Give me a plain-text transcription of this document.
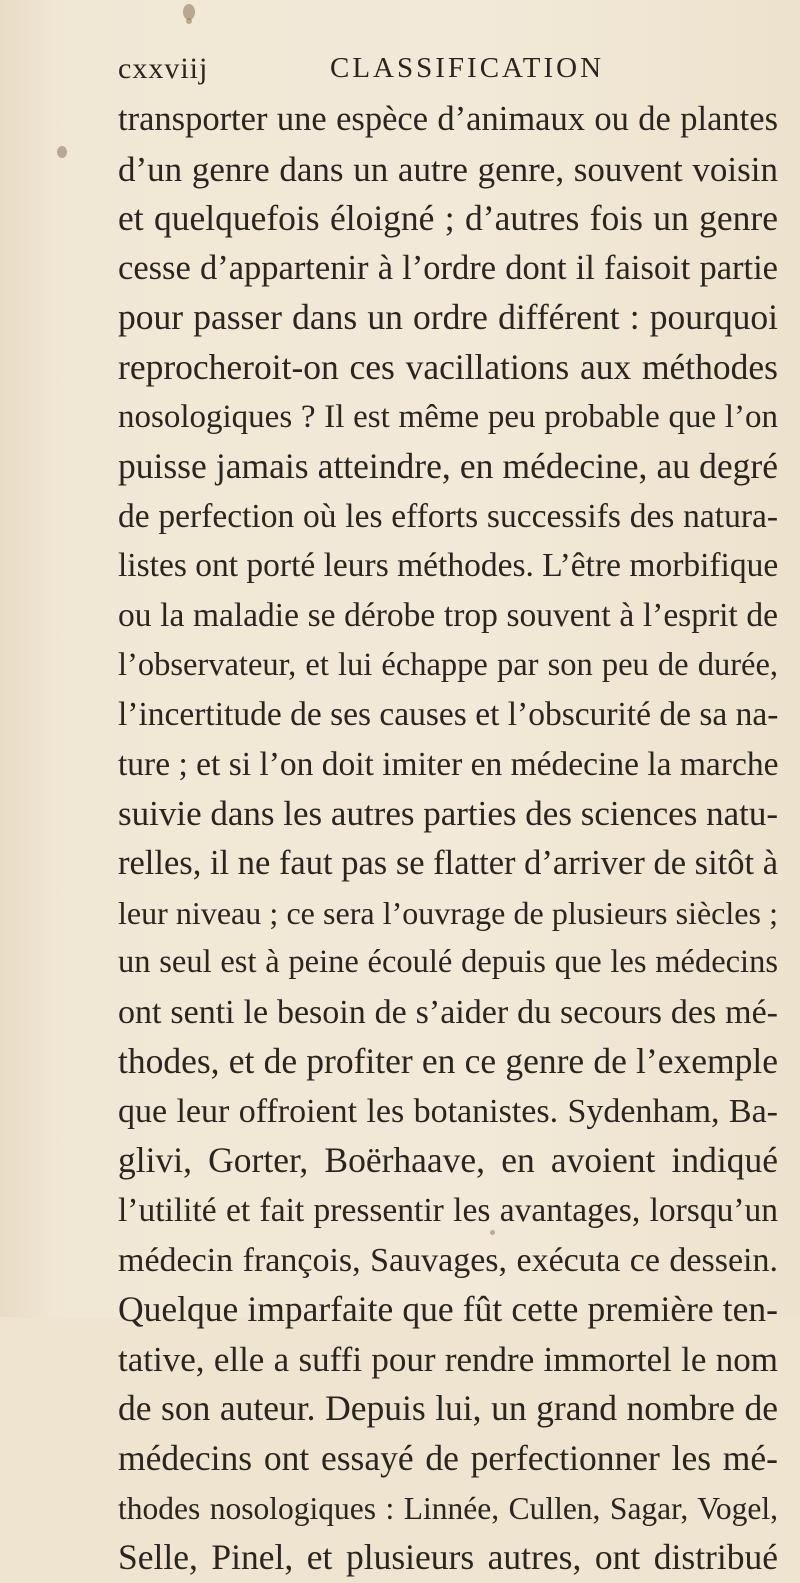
cxxviij	CLASSIFICATION
transporter une espèce d’animaux ou de plantes
d’un genre dans un autre genre, souvent voisin
et quelquefois éloigné ; d’autres fois un genre
cesse d’appartenir à l’ordre dont il faisoit partie
pour passer dans un ordre différent : pourquoi
reprocheroit-on ces vacillations aux méthodes
nosologiques ? Il est même peu probable que l’on
puisse jamais atteindre, en médecine, au degré
de perfection où les efforts successifs des natura-
listes ont porté leurs méthodes. L’être morbifique
ou la maladie se dérobe trop souvent à l’esprit de
l’observateur, et lui échappe par son peu de durée,
l’incertitude de ses causes et l’obscurité de sa na-
ture ; et si l’on doit imiter en médecine la marche
suivie dans les autres parties des sciences natu-
relles, il ne faut pas se flatter d’arriver de sitôt à
leur niveau ; ce sera l’ouvrage de plusieurs siècles ;
un seul est à peine écoulé depuis que les médecins
ont senti le besoin de s’aider du secours des mé-
thodes, et de profiter en ce genre de l’exemple
que leur offroient les botanistes. Sydenham, Ba-
glivi, Gorter, Boërhaave, en avoient indiqué
l’utilité et fait pressentir les avantages, lorsqu’un
médecin françois, Sauvages, exécuta ce dessein.
Quelque imparfaite que fût cette première ten-
tative, elle a suffi pour rendre immortel le nom
de son auteur. Depuis lui, un grand nombre de
médecins ont essayé de perfectionner les mé-
thodes nosologiques : Linnée, Cullen, Sagar, Vogel,
Selle, Pinel, et plusieurs autres, ont distribué
